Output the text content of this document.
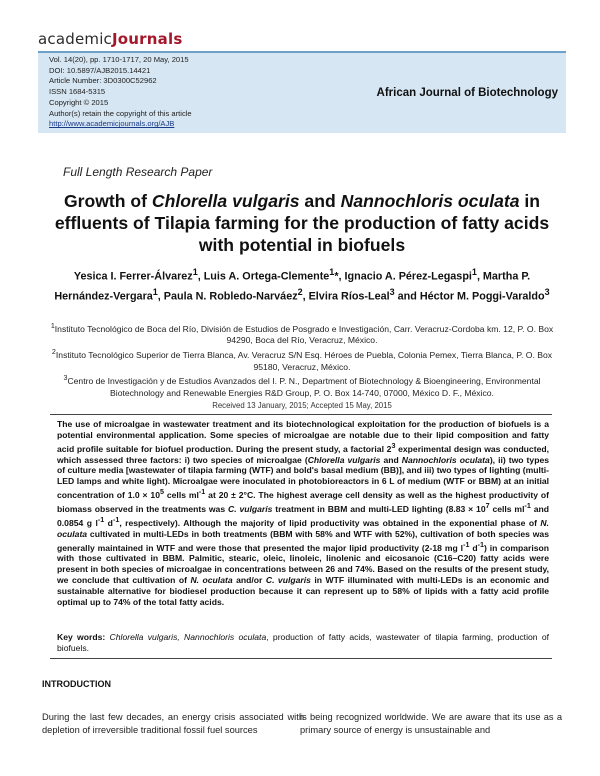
academicJournals
Vol. 14(20), pp. 1710-1717, 20 May, 2015
DOI: 10.5897/AJB2015.14421
Article Number: 3D0300C52962
ISSN 1684-5315
Copyright © 2015
Author(s) retain the copyright of this article
http://www.academicjournals.org/AJB
African Journal of Biotechnology
Full Length Research Paper
Growth of Chlorella vulgaris and Nannochloris oculata in effluents of Tilapia farming for the production of fatty acids with potential in biofuels
Yesica I. Ferrer-Álvarez$^1$, Luis A. Ortega-Clemente$^1$*, Ignacio A. Pérez-Legaspi$^1$, Martha P. Hernández-Vergara$^1$, Paula N. Robledo-Narváez$^2$, Elvira Ríos-Leal$^3$ and Héctor M. Poggi-Varaldo$^3$
$^1$Instituto Tecnológico de Boca del Río, División de Estudios de Posgrado e Investigación, Carr. Veracruz-Cordoba km. 12, P. O. Box 94290, Boca del Río, Veracruz, México.
$^2$Instituto Tecnológico Superior de Tierra Blanca, Av. Veracruz S/N Esq. Héroes de Puebla, Colonia Pemex, Tierra Blanca, P. O. Box 95180, Veracruz, México.
$^3$Centro de Investigación y de Estudios Avanzados del I. P. N., Department of Biotechnology & Bioengineering, Environmental Biotechnology and Renewable Energies R&D Group, P. O. Box 14-740, 07000, México D. F., México.
Received 13 January, 2015; Accepted 15 May, 2015
The use of microalgae in wastewater treatment and its biotechnological exploitation for the production of biofuels is a potential environmental application. Some species of microalgae are notable due to their lipid composition and fatty acid profile suitable for biofuel production. During the present study, a factorial $2^3$ experimental design was conducted, which assessed three factors: i) two species of microalgae (Chlorella vulgaris and Nannochloris oculata), ii) two types of culture media [wastewater of tilapia farming (WTF) and bold's basal medium (BB)], and iii) two types of lighting (multi-LED lamps and white light). Microalgae were inoculated in photobioreactors in 6 L of medium (WTF or BBM) at an initial concentration of $1.0 \times 10^5$ cells $ml^{-1}$ at 20 ± 2°C. The highest average cell density as well as the highest productivity of biomass observed in the treatments was C. vulgaris treatment in BBM and multi-LED lighting ($8.83 \times 10^7$ cells $ml^{-1}$ and 0.0854 g $l^{-1}$ $d^{-1}$, respectively). Although the majority of lipid productivity was obtained in the exponential phase of N. oculata cultivated in multi-LEDs in both treatments (BBM with 58% and WTF with 52%), cultivation of both species was generally maintained in WTF and were those that presented the major lipid productivity (2-18 mg $l^{-1}$ $d^{-1}$) in comparison with those cultivated in BBM. Palmitic, stearic, oleic, linoleic, linolenic and eicosanoic (C16–C20) fatty acids were present in both species of microalgae in concentrations between 26 and 74%. Based on the results of the present study, we conclude that cultivation of N. oculata and/or C. vulgaris in WTF illuminated with multi-LEDs is an economic and sustainable alternative for biodiesel production because it can represent up to 58% of lipids with a fatty acid profile optimal up to 74% of the total fatty acids.
Key words: Chlorella vulgaris, Nannochloris oculata, production of fatty acids, wastewater of tilapia farming, production of biofuels.
INTRODUCTION
During the last few decades, an energy crisis associated with depletion of irreversible traditional fossil fuel sources
is being recognized worldwide. We are aware that its use as a primary source of energy is unsustainable and
